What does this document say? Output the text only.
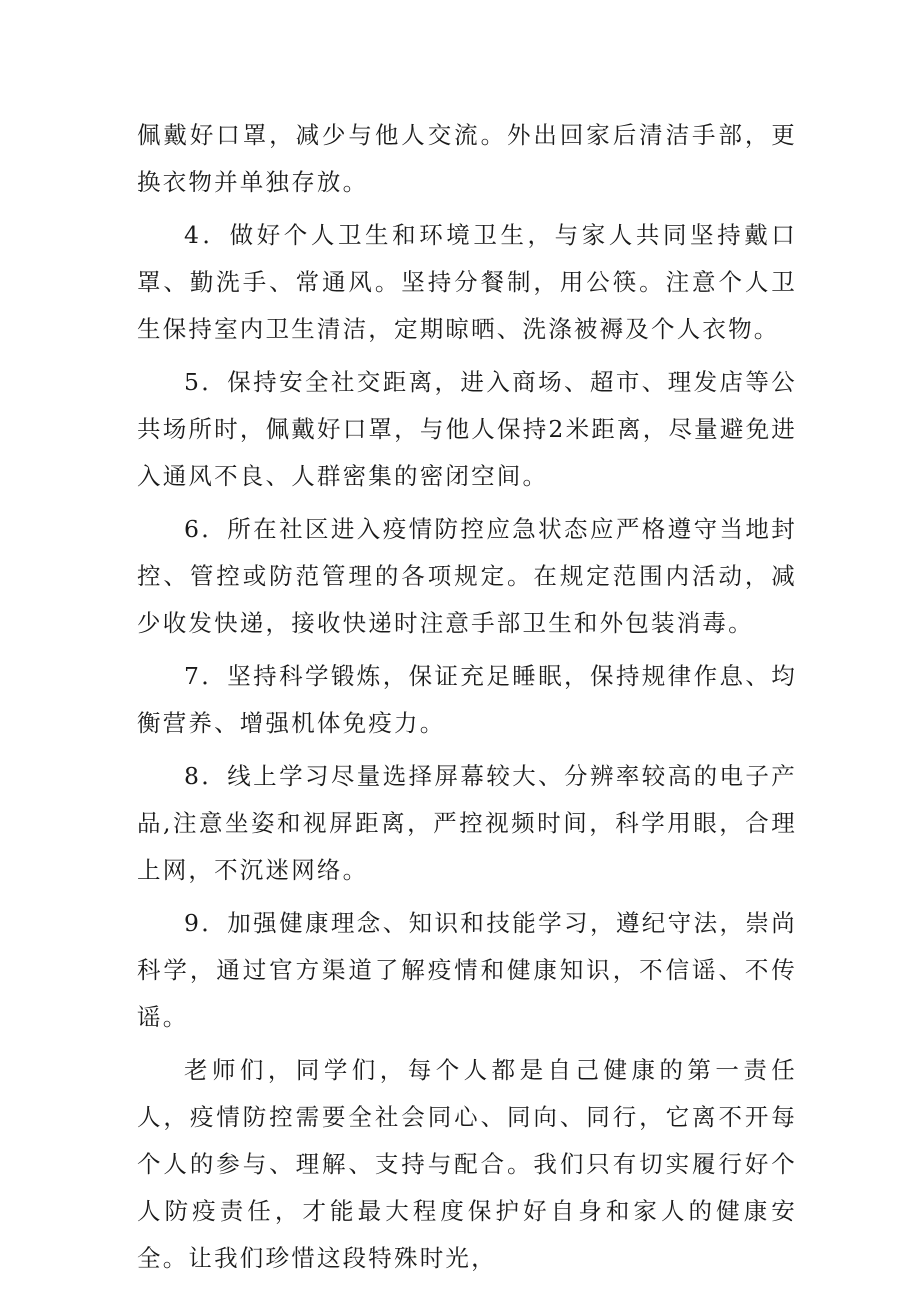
佩戴好口罩，减少与他人交流。外出回家后清洁手部，更换衣物并单独存放。

4．做好个人卫生和环境卫生，与家人共同坚持戴口罩、勤洗手、常通风。坚持分餐制，用公筷。注意个人卫生保持室内卫生清洁，定期晾晒、洗涤被褥及个人衣物。

5．保持安全社交距离，进入商场、超市、理发店等公共场所时，佩戴好口罩，与他人保持2米距离，尽量避免进入通风不良、人群密集的密闭空间。

6．所在社区进入疫情防控应急状态应严格遵守当地封控、管控或防范管理的各项规定。在规定范围内活动，减少收发快递，接收快递时注意手部卫生和外包装消毒。

7．坚持科学锻炼，保证充足睡眠，保持规律作息、均衡营养、增强机体免疫力。

8．线上学习尽量选择屏幕较大、分辨率较高的电子产品,注意坐姿和视屏距离，严控视频时间，科学用眼，合理上网，不沉迷网络。

9．加强健康理念、知识和技能学习，遵纪守法，崇尚科学，通过官方渠道了解疫情和健康知识，不信谣、不传谣。

老师们，同学们，每个人都是自己健康的第一责任人，疫情防控需要全社会同心、同向、同行，它离不开每个人的参与、理解、支持与配合。我们只有切实履行好个人防疫责任，才能最大程度保护好自身和家人的健康安全。让我们珍惜这段特殊时光，
